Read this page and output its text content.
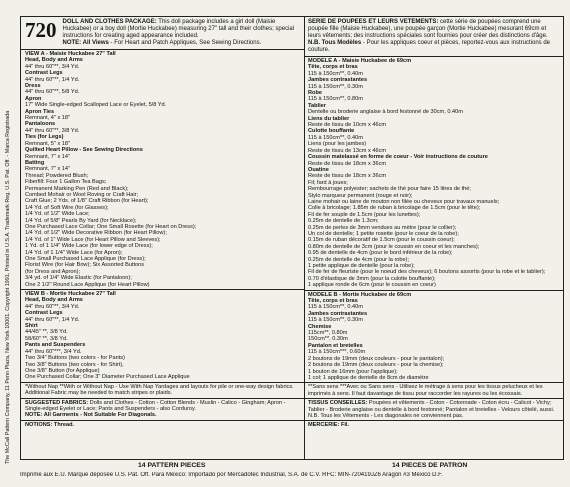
The McCall Pattern Company, 11 Penn Plaza, New York 10001. Copyright 1991, Printed in U.S.A. Trademark Reg. U.S. Pat. Off. - Marca Registrada
720 DOLL AND CLOTHES PACKAGE: This doll package includes a girl doll (Maisie Huckabee) or a boy doll (Mortie Huckabee) measuring 27" tall and their clothes; special instructions for creating aged appearance included.
NOTE: All Views - For Heart and Patch Appliques, See Sewing Directions.
VIEW A - Maisie Huckabee 27" Tall
Head, Body and Arms
44" thru 60"**, 3/4 Yd.
Contrast Legs
44" thru 60"**, 1/4 Yd.
Dress
44" thru 60"**, 5/8 Yd.
Apron
17" Wide Single-edged Scalloped Lace or Eyelet, 5/8 Yd.
Apron Ties
Remnant, 4" x 18"
Pantaloons
44" thru 60"**, 3/8 Yd.
Ties (for Legs)
Remnant, 5" x 18"
Quilted Heart Pillow - See Sewing Directions
Remnant, 7" x 14"
Batting
Remnant, 7" x 14"
Thread; Powdered Blush;
Fiberfill: Four 1 Gallon Tea Bags;
Permanent Marking Pen (Red and Black);
Combed Mohair or Wool Roving or Craft Hair;
Craft Glue; 2 Yds. of 1/8" Craft Ribbon (for Heart);
1/4 Yd. of Soft Wire (for Glasses);
1/4 Yd. of 1/2" Wide Lace;
1/4 Yd. of 5/8" Pearls By Yard (for Necklace);
One Purchased Lace Collar; One Small Rosette (for Heart on Dress);
1/4 Yd. of 1/2" Wide Decorative Ribbon (for Heart Pillow);
1/4 Yd. of 1" Wide Lace (for Heart Pillow and Sleeves);
1 Yd. of 1 1/4" Wide Lace (for lower edge of Dress);
1/4 Yd. of 1 1/4" Wide Lace (for Apron);
One Small Purchased Lace Applique (for Dress);
Florist Wire (for Hair Bow); Six Assorted Buttons
(for Dress and Apron);
3/4 yd. of 1/4" Wide Elastic (for Pantaloon);
One 2 1/2" Round Lace Applique (for Heart Pillow)
VIEW B - Mortie Huckabee 27" Tall
Head, Body and Arms
44" thru 60"**, 3/4 Yd.
Contrast Legs
44" thru 60"**, 1/4 Yd.
Shirt
44/45" **, 3/8 Yd.
58/60" **, 3/8 Yd.
Pants and Suspenders
44" thru 60"***, 3/4 Yd.
Two 3/4" Buttons (two colors - for Pants)
Two 3/8" Buttons (two colors - for Shirt),
One 3/8" Button (for Applique)
One Purchased Collar; One 3" Diameter Purchased Lace Applique
*Without Nap **With or Without Nap - Use With Nap Yardages and layouts for pile or one-way design fabrics. Additional Fabric may be needed to match stripes or plaids.
SUGGESTED FABRICS: Dolls and Clothes - Cotton - Cotton Blends - Muslin - Calico - Gingham; Apron - Single-edged Eyelet or Lace; Pants and Suspenders - also Corduroy.
NOTE: All Garments - Not Suitable For Diagonals.
NOTIONS: Thread.
SERIE DE POUPEES ET LEURS VETEMENTS: cette série de poupées comprend une poupée fille (Maisie Huckabee), une poupée garçon (Mortie Huckabee) mesurant 69cm et leurs vêtements; des instructions spéciales sont fournies pour créer des distinctions d'âge.
N.B. Tous Modèles - Pour les appliques coeur et pièces, reportez-vous aux instructions de couture.
MODELE A - Maisie Huckabee de 69cm
Tête, corps et bras
115 à 150cm**, 0.40m
Jambes contrastantes
115 à 150cm**, 0.30m
Robe
115 à 150cm**, 0.80m
Tablier
Dentelle ou broderie anglaise à bord festonné de 30cm, 0.40m
Liens du tablier
Reste de tissu de 10cm x 46cm
Culotte bouffante
115 à 150cm**, 0.40m
Liens (pour les jambes)
Reste de tissu de 13cm x 46cm
Coussin matelassé en forme de coeur - Voir instructions de couture
Reste de tissu de 18cm x 36cm
Ouatine
Reste de tissu de 18cm x 36cm
Fil; fard à joues;
Rembourrage polyester; sachets de thé pour faire 15 litres de thé;
Stylo marqueur permanent (rouge et noir);
Laine mohair ou laine de mouton non filée ou cheveux pour travaux manuels;
Colle à bricolage; 1.85m de ruban à bricolage de 1.5cm (pour le tête);
Fil de fer souple de 1.5cm (pour les lunettes);
0.25m de dentelle de 1.3cm;
0.25m de perles de 3mm vendues au mètre (pour le collier);
Un col de dentelle; 1 petite rosette (pour le coeur de la robe);
0.15m de ruban décoratif de 1.5cm (pour le coussin coeur);
0.80m de dentelle de 3cm (pour le coussin en coeur et les manches);
0.95 de dentelle de 4cm (pour le bord inférieur de la robe);
0.25m de dentelle de 4cm (pour la robe);
1 petite applique de dentelle (pour la robe);
Fil de fer de fleuriste (pour le noeud des cheveux); 6 boutons assortis (pour la robe et le tablier);
0.70 d'élastique de 3mm (pour la culotte bouffante);
1 applique ronde de 6cm (pour le coussin en coeur)
MODELE B - Mortie Huckabee de 69cm
Tête, corps et bras
115 à 150cm**, 0.40m
Jambes contrastantes
115 à 150cm**, 0.30m
Chemise
115cm**, 0.80m
150cm**, 0.30m
Pantalon et bretelles
115 à 150cm***, 0.60m
2 boutons de 19mm (deux couleurs - pour le pantalon);
2 boutons de 19mm (deux couleurs - pour la chemise);
1 bouton de 16mm (pour l'applique);
1 col; 1 applique de dentelle de 8cm de diamètre
**Sans sens ***Avec ou Sans sens - Utilisez le métrage à sens pour les tissus pelucheux et les imprimés à sens. Il faut davantage de tissu pour raccorder les rayures ou les écossais.
TISSUS CONSEILLES: Poupées et vêtements - Coton - Cotonnade - Coton écru - Calicot - Vichy; Tablier - Broderie anglaise ou dentelle à bord festonné; Pantalon et bretelles - Velours côtelé, aussi. N.B. Tous les Vêtements - Les diagonales ne conviennent pas.
MERCERIE: Fil.
14 PATTERN PIECES	14 PIECES DE PATRON
Imprimé aux E.U. Marque déposée U.S. Pat. Off. Para México: Importado por Mercadotec Industrial, S.A. de C.V. RFC: MIN-720419JZ6 Aragón #3 México D.F.
